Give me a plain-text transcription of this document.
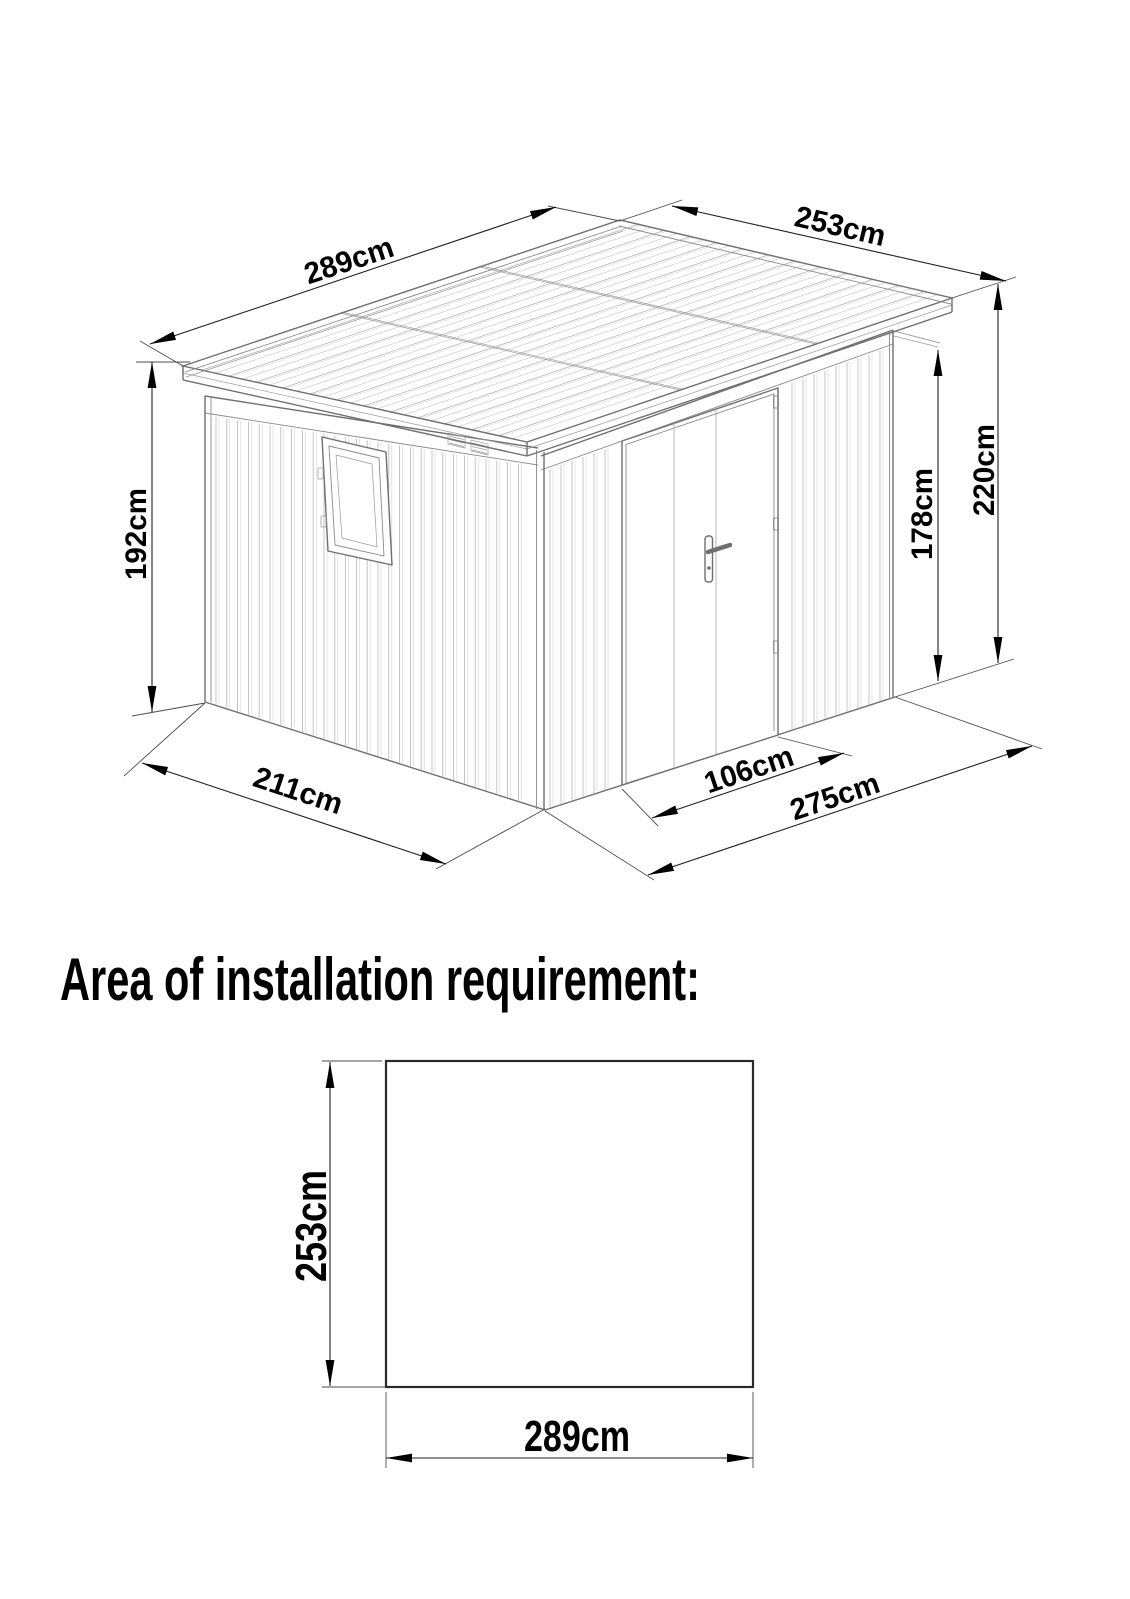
289cm
253cm
192cm
220cm
178cm
211cm	106cm
275cm
Area of installation requirement:
253cm
289cm
